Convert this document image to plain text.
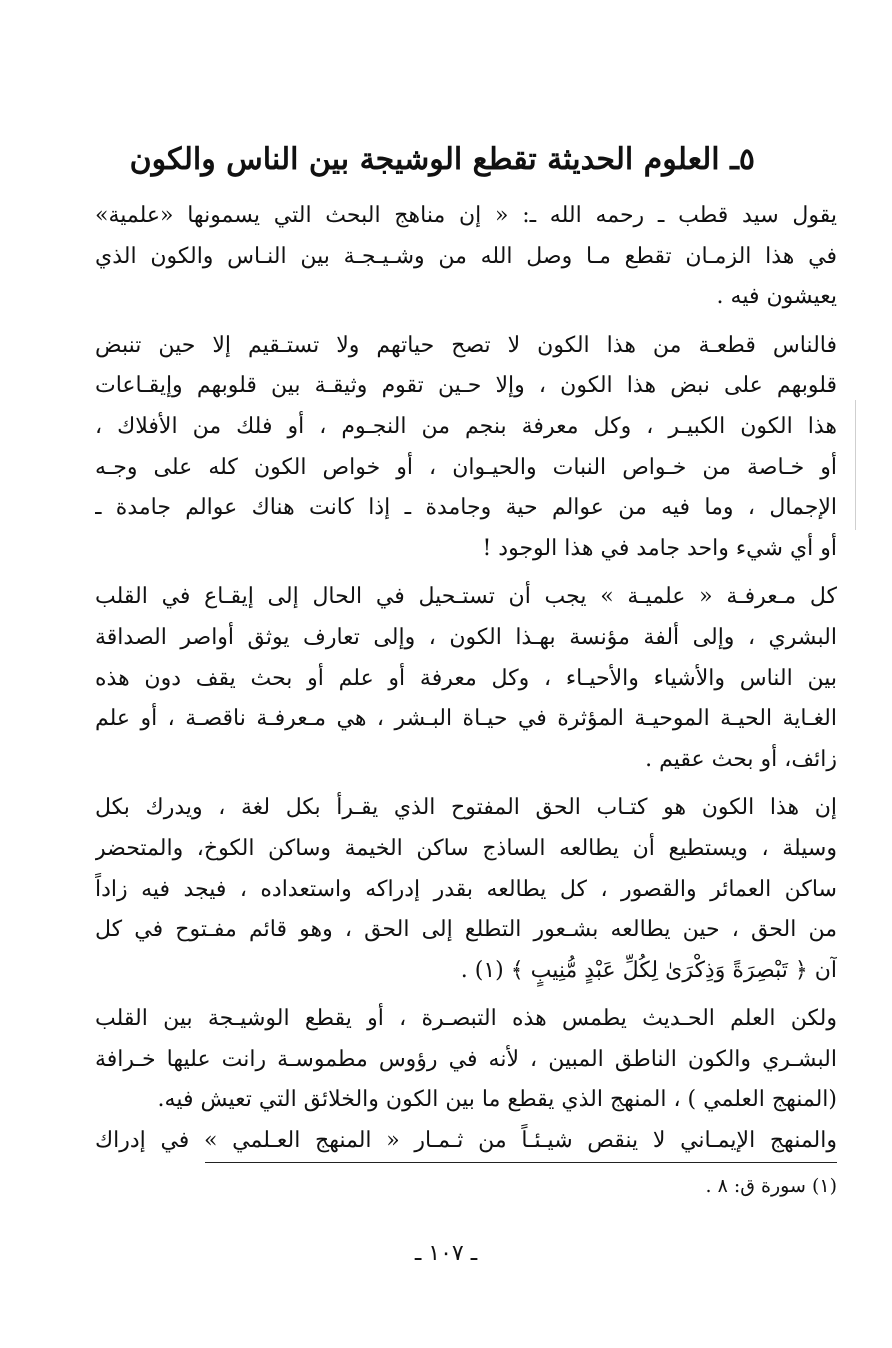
٥ـ العلوم الحديثة تقطع الوشيجة بين الناس والكون
يقول سيد قطب ـ رحمه الله ـ: « إن مناهج البحث التي يسمونها «علمية»
في هذا الزمـان تقطع مـا وصل الله من وشـيـجـة بين النـاس والكون الذي
يعيشون فيه .
فالناس قطعـة من هذا الكون لا تصح حياتهم ولا تستـقيم إلا حين تنبض
قلوبهم على نبض هذا الكون ، وإلا حـين تقوم وثيقـة بين قلوبهم وإيقـاعات
هذا الكون الكبيـر ، وكل معرفة بنجم من النجـوم ، أو فلك من الأفلاك ،
أو خـاصة من خـواص النبات والحيـوان ، أو خواص الكون كله على وجـه
الإجمال ، وما فيه من عوالم حية وجامدة ـ إذا كانت هناك عوالم جامدة ـ
أو أي شيء واحد جامد في هذا الوجود !
كل مـعرفـة « علميـة » يجب أن تستـحيل في الحال إلى إيقـاع في القلب
البشري ، وإلى ألفة مؤنسة بهـذا الكون ، وإلى تعارف يوثق أواصر الصداقة
بين الناس والأشياء والأحيـاء ، وكل معرفة أو علم أو بحث يقف دون هذه
الغـاية الحيـة الموحيـة المؤثرة في حيـاة البـشر ، هي مـعرفـة ناقصـة ، أو علم
زائف، أو بحث عقيم .
إن هذا الكون هو كتـاب الحق المفتوح الذي يقـرأ بكل لغة ، ويدرك بكل
وسيلة ، ويستطيع أن يطالعه الساذج ساكن الخيمة وساكن الكوخ، والمتحضر
ساكن العمائر والقصور ، كل يطالعه بقدر إدراكه واستعداده ، فيجد فيه زاداً
من الحق ، حين يطالعه بشـعور التطلع إلى الحق ، وهو قائم مفـتوح في كل
آن ﴿ تَبْصِرَةً وَذِكْرَىٰ لِكُلِّ عَبْدٍ مُّنِيبٍ ﴾ (١) .
ولكن العلم الحـديث يطمس هذه التبصـرة ، أو يقطع الوشيـجة بين القلب
البشـري والكون الناطق المبين ، لأنه في رؤوس مطموسـة رانت عليها خـرافة
(المنهج العلمي ) ، المنهج الذي يقطع ما بين الكون والخلائق التي تعيش فيه.
والمنهج الإيمـاني لا ينقص شيـئـاً من ثـمـار « المنهج العـلمي » في إدراك
(١) سورة ق: ٨ .
ـ ١٠٧ ـ
